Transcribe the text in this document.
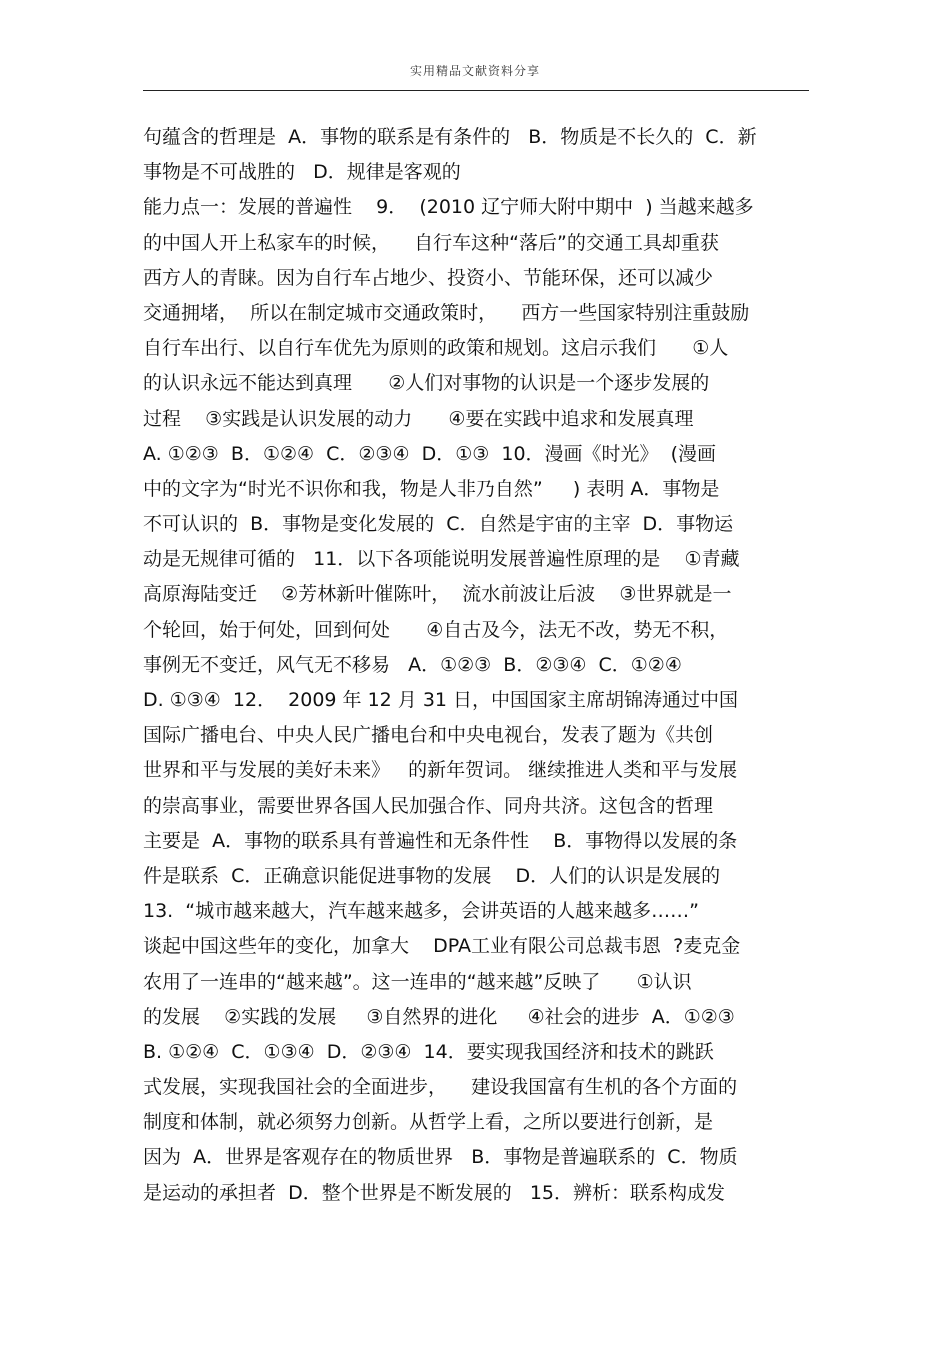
实用精品文献资料分享
句蕴含的哲理是  A．事物的联系是有条件的   B．物质是不长久的  C．新
事物是不可战胜的   D．规律是客观的
能力点一：发展的普遍性    9．  (2010 辽宁师大附中期中  ) 当越来越多
的中国人开上私家车的时候，    自行车这种“落后”的交通工具却重获
西方人的青睐。因为自行车占地少、投资小、节能环保，还可以减少
交通拥堵，  所以在制定城市交通政策时，    西方一些国家特别注重鼓励
自行车出行、以自行车优先为原则的政策和规划。这启示我们      ①人
的认识永远不能达到真理      ②人们对事物的认识是一个逐步发展的
过程    ③实践是认识发展的动力      ④要在实践中追求和发展真理
A. ①②③  B．①②④  C．②③④  D．①③  10．漫画《时光》  (漫画
中的文字为“时光不识你和我，物是人非乃自然”     ) 表明 A．事物是
不可认识的  B．事物是变化发展的  C．自然是宇宙的主宰  D．事物运
动是无规律可循的   11．以下各项能说明发展普遍性原理的是    ①青藏
高原海陆变迁    ②芳林新叶催陈叶，  流水前波让后波    ③世界就是一
个轮回，始于何处，回到何处      ④自古及今，法无不改，势无不积，
事例无不变迁，风气无不移易   A．①②③  B．②③④  C．①②④
D. ①③④  12．  2009 年 12 月 31 日，中国国家主席胡锦涛通过中国
国际广播电台、中央人民广播电台和中央电视台，发表了题为《共创
世界和平与发展的美好未来》   的新年贺词。 继续推进人类和平与发展
的崇高事业，需要世界各国人民加强合作、同舟共济。这包含的哲理
主要是  A．事物的联系具有普遍性和无条件性    B．事物得以发展的条
件是联系  C．正确意识能促进事物的发展    D．人们的认识是发展的
13.  “城市越来越大，汽车越来越多，会讲英语的人越来越多……”
谈起中国这些年的变化，加拿大    DPA工业有限公司总裁韦恩  ?麦克金
农用了一连串的“越来越”。这一连串的“越来越”反映了      ①认识
的发展    ②实践的发展     ③自然界的进化     ④社会的进步  A．①②③
B. ①②④  C．①③④  D．②③④  14．要实现我国经济和技术的跳跃
式发展，实现我国社会的全面进步，    建设我国富有生机的各个方面的
制度和体制，就必须努力创新。从哲学上看，之所以要进行创新，是
因为  A．世界是客观存在的物质世界   B．事物是普遍联系的  C．物质
是运动的承担者  D．整个世界是不断发展的   15．辨析：联系构成发
